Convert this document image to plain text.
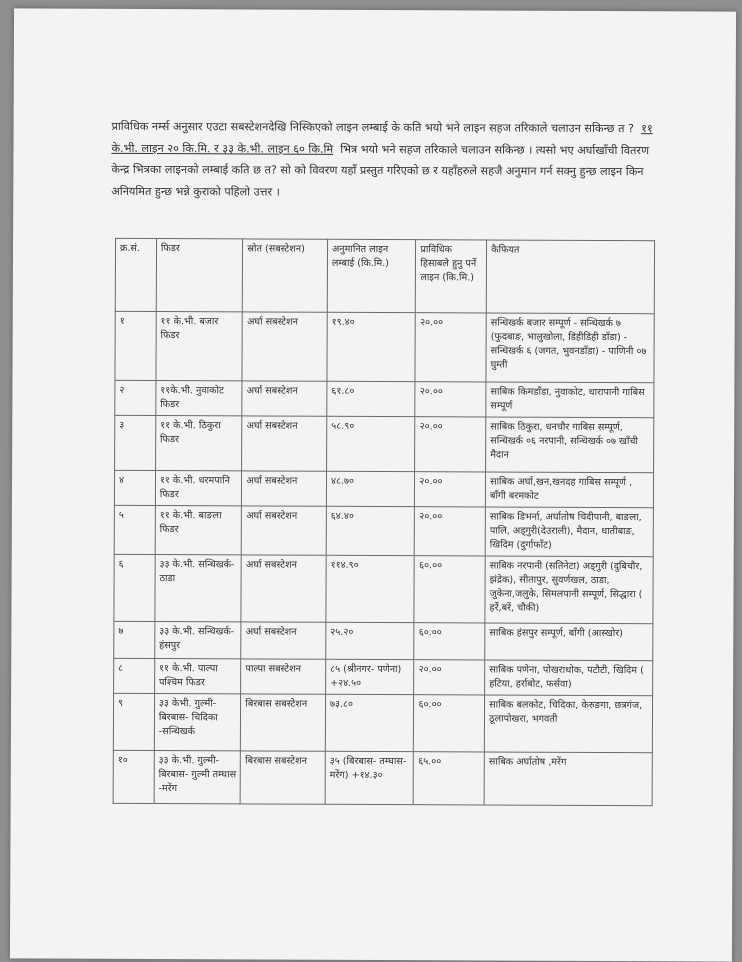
प्राविधिक नर्म्स अनुसार एउटा सबस्टेशनदेखि निस्किएको लाइन लम्बाई के कति भयो भने लाइन सहज तरिकाले चलाउन सकिन्छ त ? ११ के.भी. लाइन २० कि.मि. र ३३ के.भी. लाइन ६० कि.मि भित्र भयो भने सहज तरिकाले चलाउन सकिन्छ । त्यसो भए अर्घाखाँची वितरण केन्द्र भित्रका लाइनको लम्बाई कति छ त? सो को विवरण यहाँ प्रस्तुत गरिएको छ र यहाँहरुले सहजै अनुमान गर्न सक्नु हुन्छ लाइन किन अनियमित हुन्छ भन्ने कुराको पहिलो उत्तर ।

क्र.सं.	फिडर	स्रोत (सबस्टेशन)	अनुमानित लाइन लम्बाई (कि.मि.)	प्राविधिक हिसाबले हुनु पर्ने लाइन (कि.मि.)	कैफियत
१	११ के.भी. बजार फिडर	अर्घा सबस्टेशन	१९.४०	२०.००	सन्धिखर्क बजार सम्पूर्ण - सन्धिखर्क ७ (फुदबाङ, भालुखोला, डिहीडिही डाँडा) - सन्धिखर्क ६ (जगत, भुवनडाँडा) - पाणिनी ०७ घुम्ती
२	११के.भी. नुवाकोट फिडर	अर्घा सबस्टेशन	६१.८०	२०.००	साबिक किमडाँडा, नुवाकोट, धारापानी गाबिस सम्पूर्ण
३	११ के.भी. ठिकुरा फिडर	अर्घा सबस्टेशन	५८.९०	२०.००	साबिक ठिकुरा, धनचौर गाबिस सम्पूर्ण, सन्धिखर्क ०६ नरपानी, सन्धिखर्क ०७ खाँची मैदान
४	११ के.भी. धरमपानि फिडर	अर्घा सबस्टेशन	४८.७०	२०.००	साबिक अर्घा,खन,खनदह गाबिस सम्पूर्ण , बाँगी बरमकोट
५	११ के.भी. बाङला फिडर	अर्घा सबस्टेशन	६४.४०	२०.००	साबिक डिभर्ना, अर्घातोष चिदीपानी, बाङला, पालि, अड्गुरी(देउराली), मैदान, धातीबाङ, खिदिम (दुर्गाफाँट)
६	३३ के.भी. सन्धिखर्क- ठाडा	अर्घा सबस्टेशन	११४.९०	६०.००	साबिक नरपानी (सतिनेटा) अड्गुरी (दुबिचौर, झंद्रेक), सीतापुर, सुवर्णखल, ठाडा, जुकेना,जलुके, सिमलपानी सम्पूर्ण, सिद्धारा ( हर्रे,बरें, चौकी)
७	३३ के.भी. सन्धिखर्क- हंसपुर	अर्घा सबस्टेशन	२५.२०	६०.००	साबिक हंसपुर सम्पूर्ण, बाँगी (आस्खोर)
८	११ के.भी. पाल्पा पश्चिम फिडर	पाल्पा सबस्टेशन	८५ (श्रीनगर- पणेना) +२४.५०	२०.००	साबिक पणेना, पोखराथोक, पटौटी, खिदिम ( हटिया, हर्राबोट, फर्सवा)
९	३३ केभी. गुल्मी- बिरबास- चिदिका -सन्धिखर्क	बिरबास सबस्टेशन	७३.८०	६०.००	साबिक बलकोट, चिदिका, केरुङगा, छत्रगंज, ठूलापोखरा, भगवती
१०	३३ के.भी. गुल्मी- बिरबास- गुल्मी तम्घास -मरेंग	बिरबास सबस्टेशन	३५ (बिरबास- तम्घास-मरेंग) +१४.३०	६५.००	साबिक अर्घातोष ,मरेंग
